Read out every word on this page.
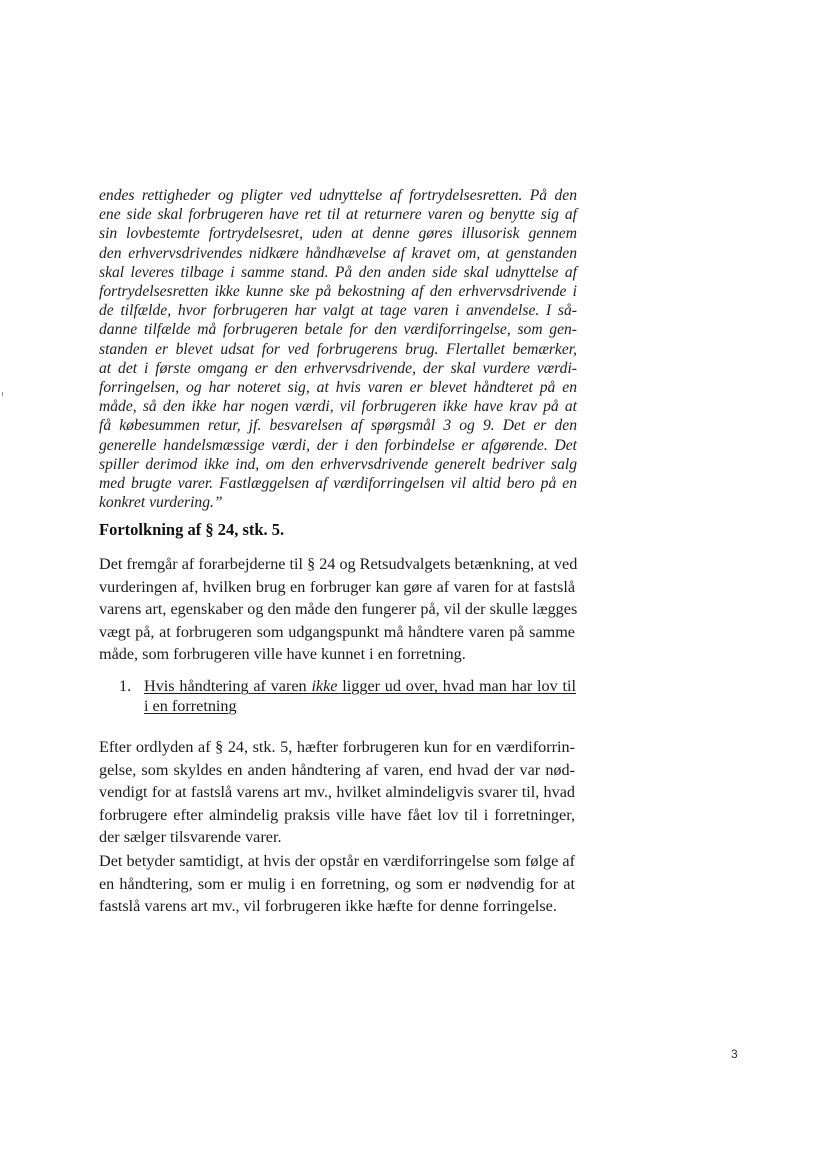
endes rettigheder og pligter ved udnyttelse af fortrydelsesretten. På den
ene side skal forbrugeren have ret til at returnere varen og benytte sig af
sin lovbestemte fortrydelsesret, uden at denne gøres illusorisk gennem
den erhvervsdrivendes nidkære håndhævelse af kravet om, at genstanden
skal leveres tilbage i samme stand. På den anden side skal udnyttelse af
fortrydelsesretten ikke kunne ske på bekostning af den erhvervsdrivende i
de tilfælde, hvor forbrugeren har valgt at tage varen i anvendelse. I så-
danne tilfælde må forbrugeren betale for den værdiforringelse, som gen-
standen er blevet udsat for ved forbrugerens brug. Flertallet bemærker,
at det i første omgang er den erhvervsdrivende, der skal vurdere værdi-
forringelsen, og har noteret sig, at hvis varen er blevet håndteret på en
måde, så den ikke har nogen værdi, vil forbrugeren ikke have krav på at
få købesummen retur, jf. besvarelsen af spørgsmål 3 og 9. Det er den
generelle handelsmæssige værdi, der i den forbindelse er afgørende. Det
spiller derimod ikke ind, om den erhvervsdrivende generelt bedriver salg
med brugte varer. Fastlæggelsen af værdiforringelsen vil altid bero på en
konkret vurdering.”
Fortolkning af § 24, stk. 5.
Det fremgår af forarbejderne til § 24 og Retsudvalgets betænkning, at ved
vurderingen af, hvilken brug en forbruger kan gøre af varen for at fastslå
varens art, egenskaber og den måde den fungerer på, vil der skulle lægges
vægt på, at forbrugeren som udgangspunkt må håndtere varen på samme
måde, som forbrugeren ville have kunnet i en forretning.
1. Hvis håndtering af varen ikke ligger ud over, hvad man har lov til
i en forretning
Efter ordlyden af § 24, stk. 5, hæfter forbrugeren kun for en værdiforrin-
gelse, som skyldes en anden håndtering af varen, end hvad der var nød-
vendigt for at fastslå varens art mv., hvilket almindeligvis svarer til, hvad
forbrugere efter almindelig praksis ville have fået lov til i forretninger,
der sælger tilsvarende varer.
Det betyder samtidigt, at hvis der opstår en værdiforringelse som følge af
en håndtering, som er mulig i en forretning, og som er nødvendig for at
fastslå varens art mv., vil forbrugeren ikke hæfte for denne forringelse.
3
